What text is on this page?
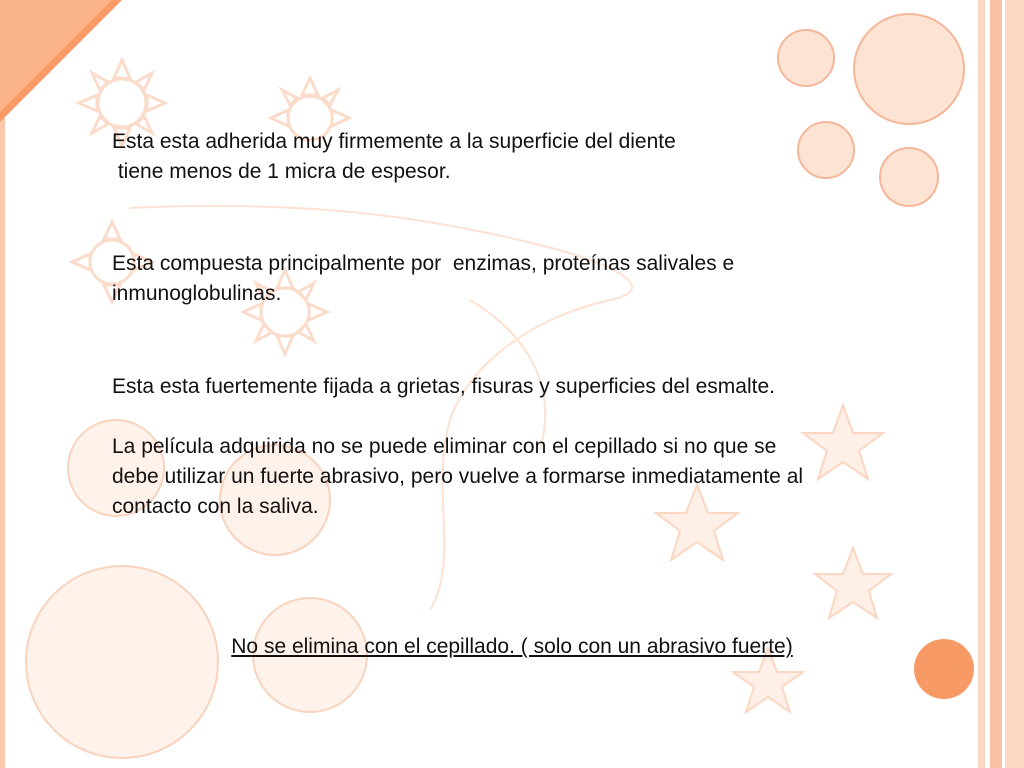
Esta esta adherida muy firmemente a la superficie del diente

tiene menos de 1 micra de espesor.

Esta compuesta principalmente por  enzimas, proteínas salivales e

inmunoglobulinas.

Esta esta fuertemente fijada a grietas, fisuras y superficies del esmalte.

La película adquirida no se puede eliminar con el cepillado si no que se

debe utilizar un fuerte abrasivo, pero vuelve a formarse inmediatamente al

contacto con la saliva.

No se elimina con el cepillado. ( solo con un abrasivo fuerte)
